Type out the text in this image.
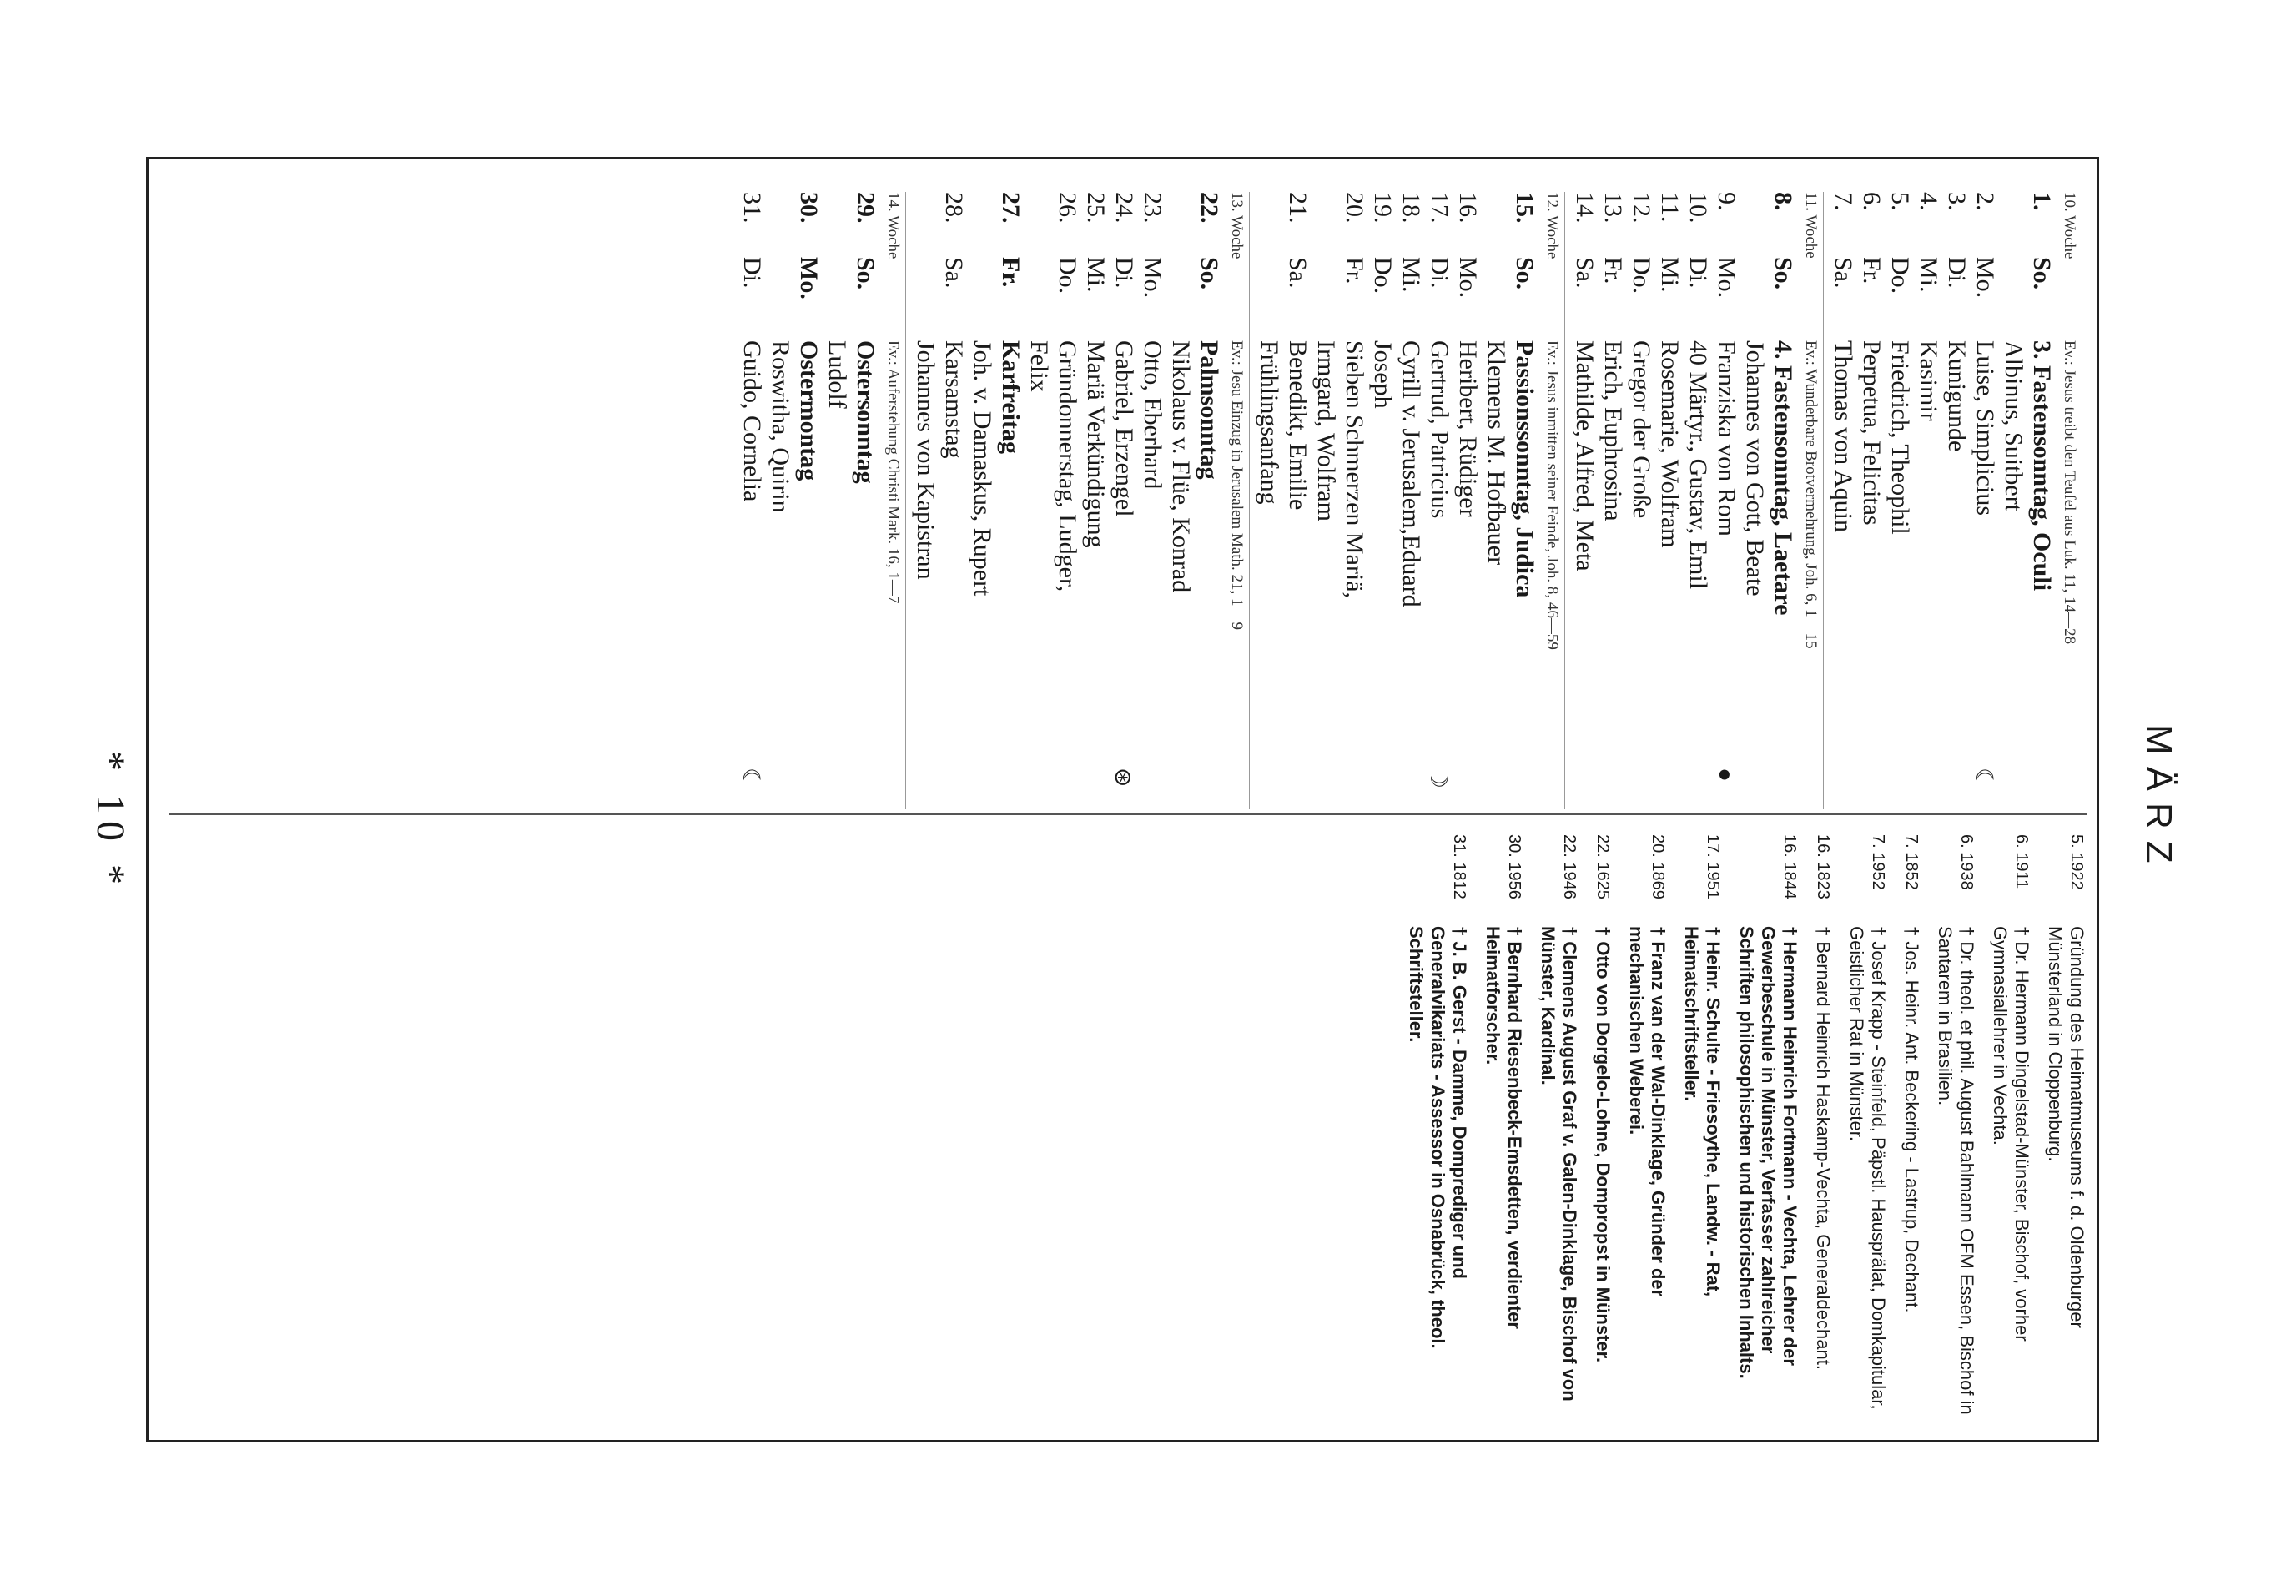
MÄRZ
10. Woche
Ev.: Jesus treibt den Teufel aus Luk. 11, 14—28
1.
So.
3. Fastensonntag, Oculi
Albinus, Suitbert
2.
Mo.
Luise, Simplicius
☾
3.
Di.
Kunigunde
4.
Mi.
Kasimir
5.
Do.
Friedrich, Theophil
6.
Fr.
Perpetua, Felicitas
7.
Sa.
Thomas von Aquin
11. Woche
Ev.: Wunderbare Brotvermehrung, Joh. 6, 1—15
8.
So.
4. Fastensonntag, Laetare
Johannes von Gott, Beate
9.
Mo.
Franziska von Rom
●
10.
Di.
40 Märtyr., Gustav, Emil
11.
Mi.
Rosemarie, Wolfram
12.
Do.
Gregor der Große
13.
Fr.
Erich, Euphrosina
14.
Sa.
Mathilde, Alfred, Meta
12. Woche
Ev.: Jesus inmitten seiner Feinde, Joh. 8, 46—59
15.
So.
Passionssonntag, Judica
Klemens M. Hofbauer
16.
Mo.
Heribert, Rüdiger
17.
Di.
Gertrud, Patricius
☽
18.
Mi.
Cyrill v. Jerusalem,Eduard
19.
Do.
Joseph
20.
Fr.
Sieben Schmerzen Mariä,
Irmgard, Wolfram
21.
Sa.
Benedikt, Emilie
Frühlingsanfang
13. Woche
Ev.: Jesu Einzug in Jerusalem Math. 21, 1—9
22.
So.
Palmsonntag
Nikolaus v. Flüe, Konrad
23.
Mo.
Otto, Eberhard
24.
Di.
Gabriel, Erzengel
⊛
25.
Mi.
Mariä Verkündigung
26.
Do.
Gründonnerstag, Ludger,
Felix
27.
Fr.
Karfreitag
Joh. v. Damaskus, Rupert
28.
Sa.
Karsamstag
Johannes von Kapistran
14. Woche
Ev.: Auferstehung Christi Mark. 16, 1—7
29.
So.
Ostersonntag
Ludolf
30.
Mo.
Ostermontag
Roswitha, Quirin
31.
Di.
Guido, Cornelia
☾
5. 1922
Gründung des Heimatmuseums f. d. Oldenburger Münsterland in Cloppenburg.
6. 1911
† Dr. Hermann Dingelstad-Münster, Bischof, vorher Gymnasiallehrer in Vechta.
6. 1938
† Dr. theol. et phil. August Bahlmann OFM Essen, Bischof in Santarem in Brasilien.
7. 1852
† Jos. Heinr. Ant. Beckering - Lastrup, Dechant.
7. 1952
† Josef Krapp - Steinfeld, Päpstl. Hausprälat, Domkapitular, Geistlicher Rat in Münster.
16. 1823
† Bernard Heinrich Haskamp-Vechta, Generaldechant.
16. 1844
† Hermann Heinrich Fortmann - Vechta, Lehrer der Gewerbeschule in Münster, Verfasser zahlreicher Schriften philosophischen und historischen Inhalts.
17. 1951
† Heinr. Schulte - Friesoythe, Landw. - Rat, Heimatschriftsteller.
20. 1869
† Franz van der Wal-Dinklage, Gründer der mechanischen Weberei.
22. 1625
† Otto von Dorgelo-Lohne, Dompropst in Münster.
22. 1946
† Clemens August Graf v. Galen-Dinklage, Bischof von Münster, Kardinal.
30. 1956
† Bernhard Riesenbeck-Emsdetten, verdienter Heimatforscher.
31. 1812
† J. B. Gerst - Damme, Domprediger und Generalvikariats - Assessor in Osnabrück, theol. Schriftsteller.
* 10 *
